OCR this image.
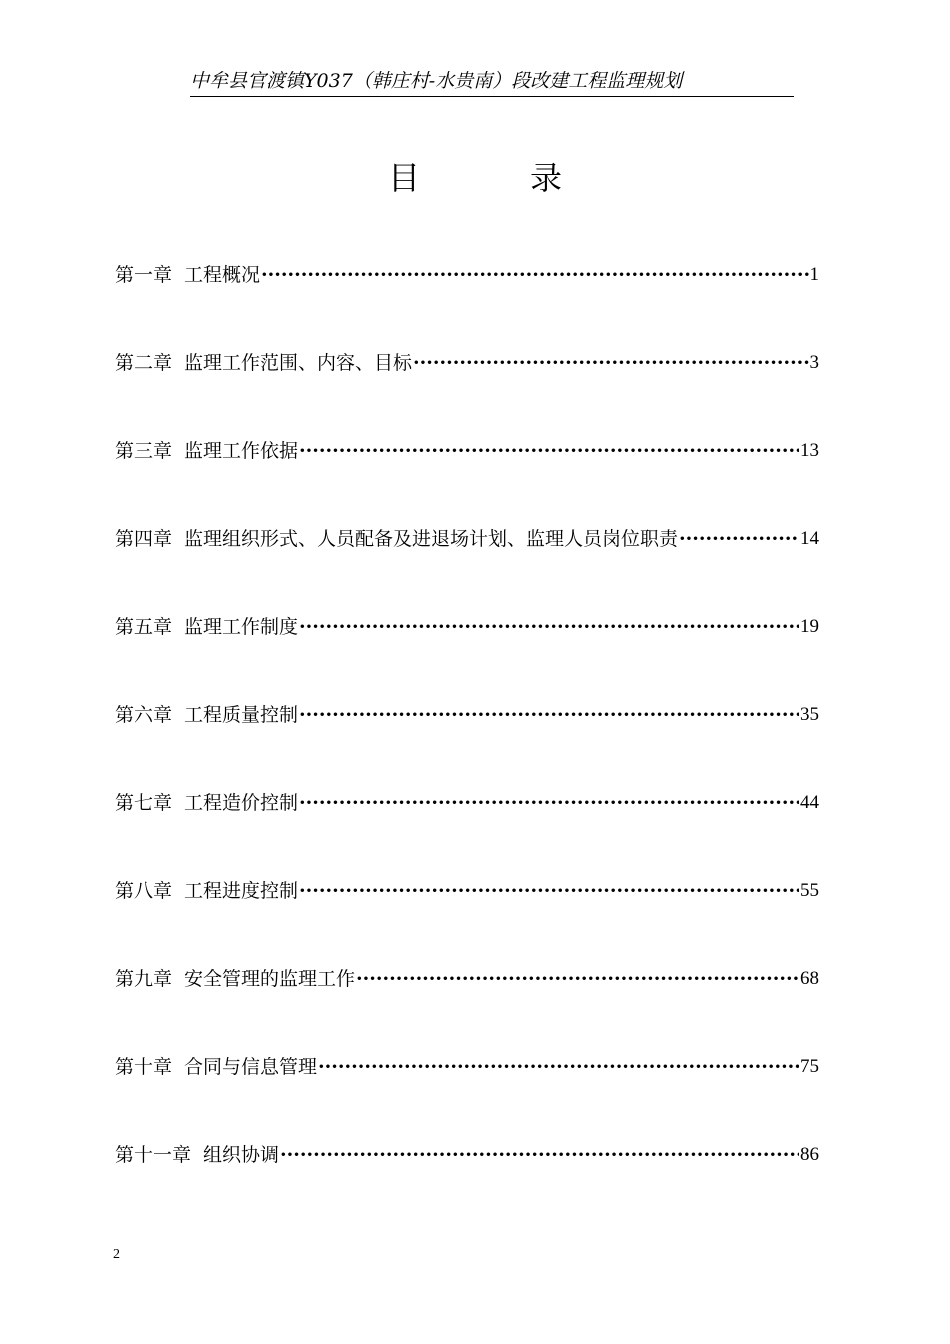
中牟县官渡镇Y037（韩庄村-水贵南）段改建工程监理规划
目	录
第一章 工程概况 ·····	1
第二章 监理工作范围、内容、目标 ·····	3
第三章 监理工作依据 ·····	13
第四章 监理组织形式、人员配备及进退场计划、监理人员岗位职责 ·····	14
第五章 监理工作制度 ·····	19
第六章 工程质量控制 ·····	35
第七章 工程造价控制 ·····	44
第八章 工程进度控制 ·····	55
第九章 安全管理的监理工作 ·····	68
第十章 合同与信息管理 ·····	75
第十一章 组织协调 ·····	86
2
